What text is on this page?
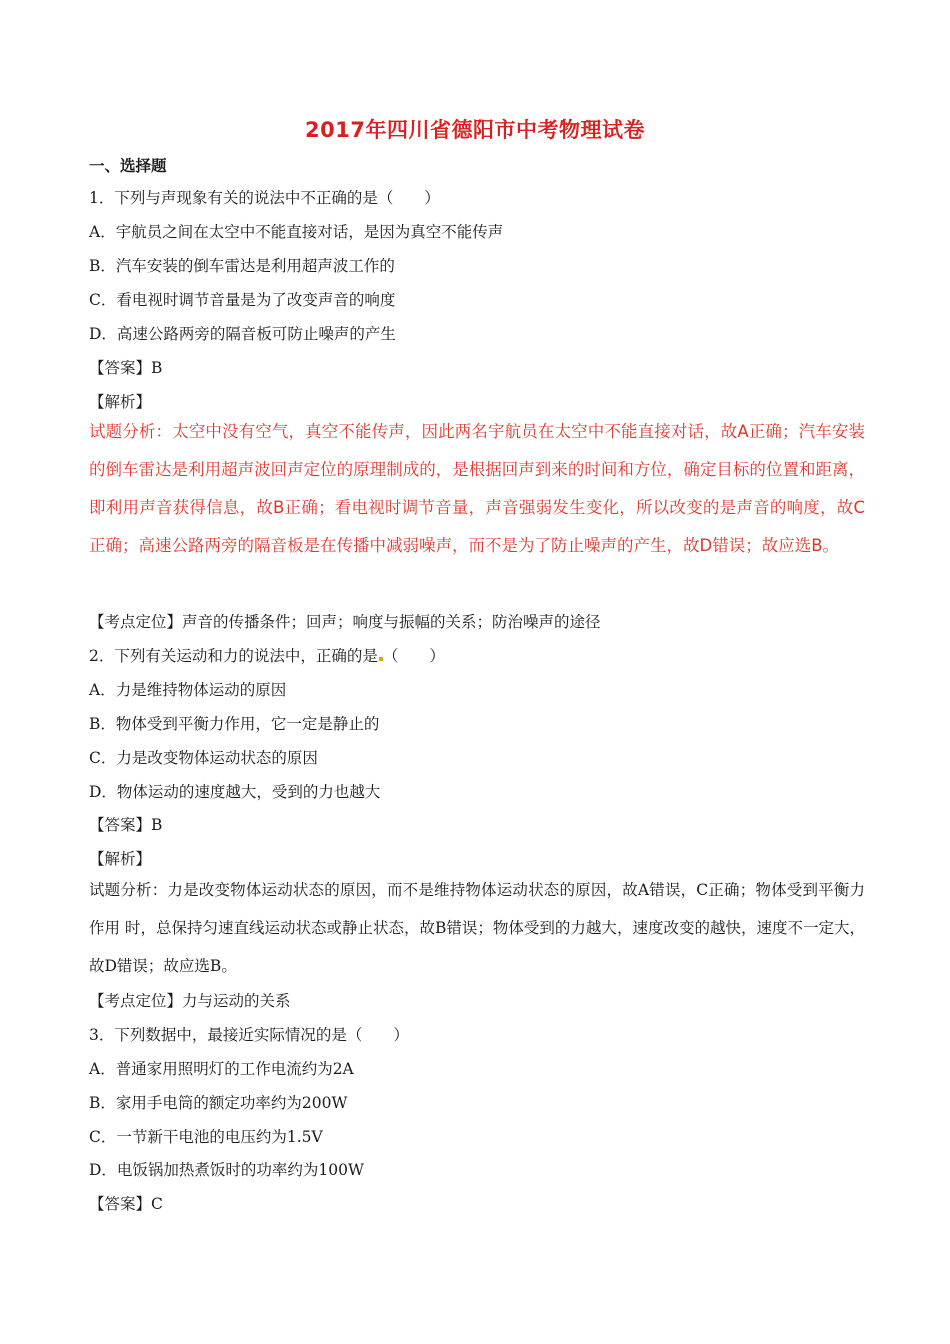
2017年四川省德阳市中考物理试卷
一、选择题
1．下列与声现象有关的说法中不正确的是（　　）
A．宇航员之间在太空中不能直接对话，是因为真空不能传声
B．汽车安装的倒车雷达是利用超声波工作的
C．看电视时调节音量是为了改变声音的响度
D．高速公路两旁的隔音板可防止噪声的产生
【答案】B
【解析】
试题分析：太空中没有空气，真空不能传声，因此两名宇航员在太空中不能直接对话，故A正确；汽车安装的倒车雷达是利用超声波回声定位的原理制成的，是根据回声到来的时间和方位，确定目标的位置和距离，即利用声音获得信息，故B正确；看电视时调节音量，声音强弱发生变化，所以改变的是声音的响度，故C正确；高速公路两旁的隔音板是在传播中减弱噪声，而不是为了防止噪声的产生，故D错误；故应选B。
【考点定位】声音的传播条件；回声；响度与振幅的关系；防治噪声的途径
2．下列有关运动和力的说法中，正确的是 （　　）
A．力是维持物体运动的原因
B．物体受到平衡力作用，它一定是静止的
C．力是改变物体运动状态的原因
D．物体运动的速度越大，受到的力也越大
【答案】B
【解析】
试题分析：力是改变物体运动状态的原因，而不是维持物体运动状态的原因，故A错误，C正确；物体受到平衡力作用 时，总保持匀速直线运动状态或静止状态，故B错误；物体受到的力越大，速度改变的越快，速度不一定大，故D错误；故应选B。
【考点定位】力与运动的关系
3．下列数据中，最接近实际情况的是（　　）
A．普通家用照明灯的工作电流约为2A
B．家用手电筒的额定功率约为200W
C．一节新干电池的电压约为1.5V
D．电饭锅加热煮饭时的功率约为100W
【答案】C
